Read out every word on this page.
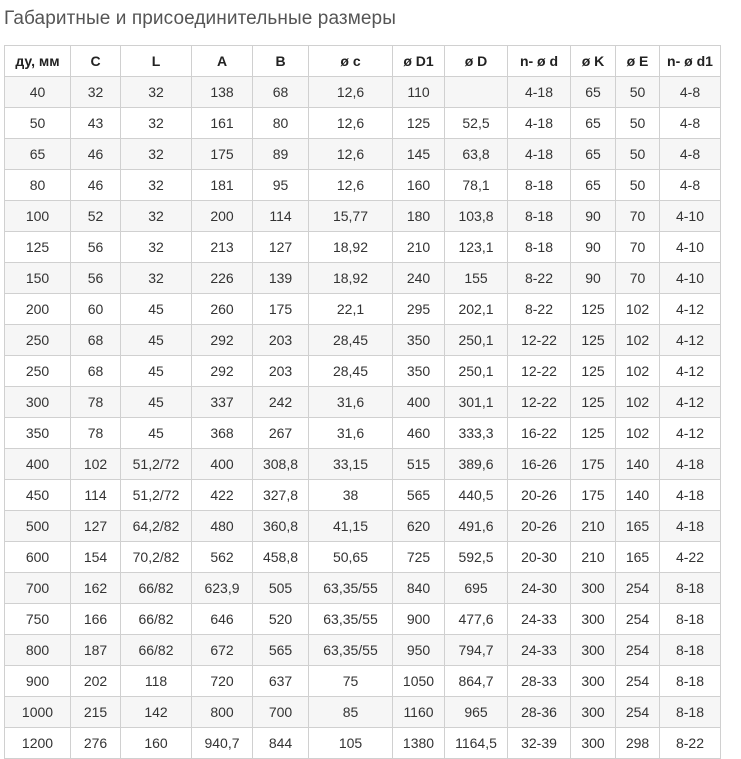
Габаритные и присоединительные размеры
ду, мм	C	L	A	B	ø c	ø D1	ø D	n- ø d	ø K	ø E	n- ø d1
40	32	32	138	68	12,6	110		4-18	65	50	4-8
50	43	32	161	80	12,6	125	52,5	4-18	65	50	4-8
65	46	32	175	89	12,6	145	63,8	4-18	65	50	4-8
80	46	32	181	95	12,6	160	78,1	8-18	65	50	4-8
100	52	32	200	114	15,77	180	103,8	8-18	90	70	4-10
125	56	32	213	127	18,92	210	123,1	8-18	90	70	4-10
150	56	32	226	139	18,92	240	155	8-22	90	70	4-10
200	60	45	260	175	22,1	295	202,1	8-22	125	102	4-12
250	68	45	292	203	28,45	350	250,1	12-22	125	102	4-12
250	68	45	292	203	28,45	350	250,1	12-22	125	102	4-12
300	78	45	337	242	31,6	400	301,1	12-22	125	102	4-12
350	78	45	368	267	31,6	460	333,3	16-22	125	102	4-12
400	102	51,2/72	400	308,8	33,15	515	389,6	16-26	175	140	4-18
450	114	51,2/72	422	327,8	38	565	440,5	20-26	175	140	4-18
500	127	64,2/82	480	360,8	41,15	620	491,6	20-26	210	165	4-18
600	154	70,2/82	562	458,8	50,65	725	592,5	20-30	210	165	4-22
700	162	66/82	623,9	505	63,35/55	840	695	24-30	300	254	8-18
750	166	66/82	646	520	63,35/55	900	477,6	24-33	300	254	8-18
800	187	66/82	672	565	63,35/55	950	794,7	24-33	300	254	8-18
900	202	118	720	637	75	1050	864,7	28-33	300	254	8-18
1000	215	142	800	700	85	1160	965	28-36	300	254	8-18
1200	276	160	940,7	844	105	1380	1164,5	32-39	300	298	8-22
